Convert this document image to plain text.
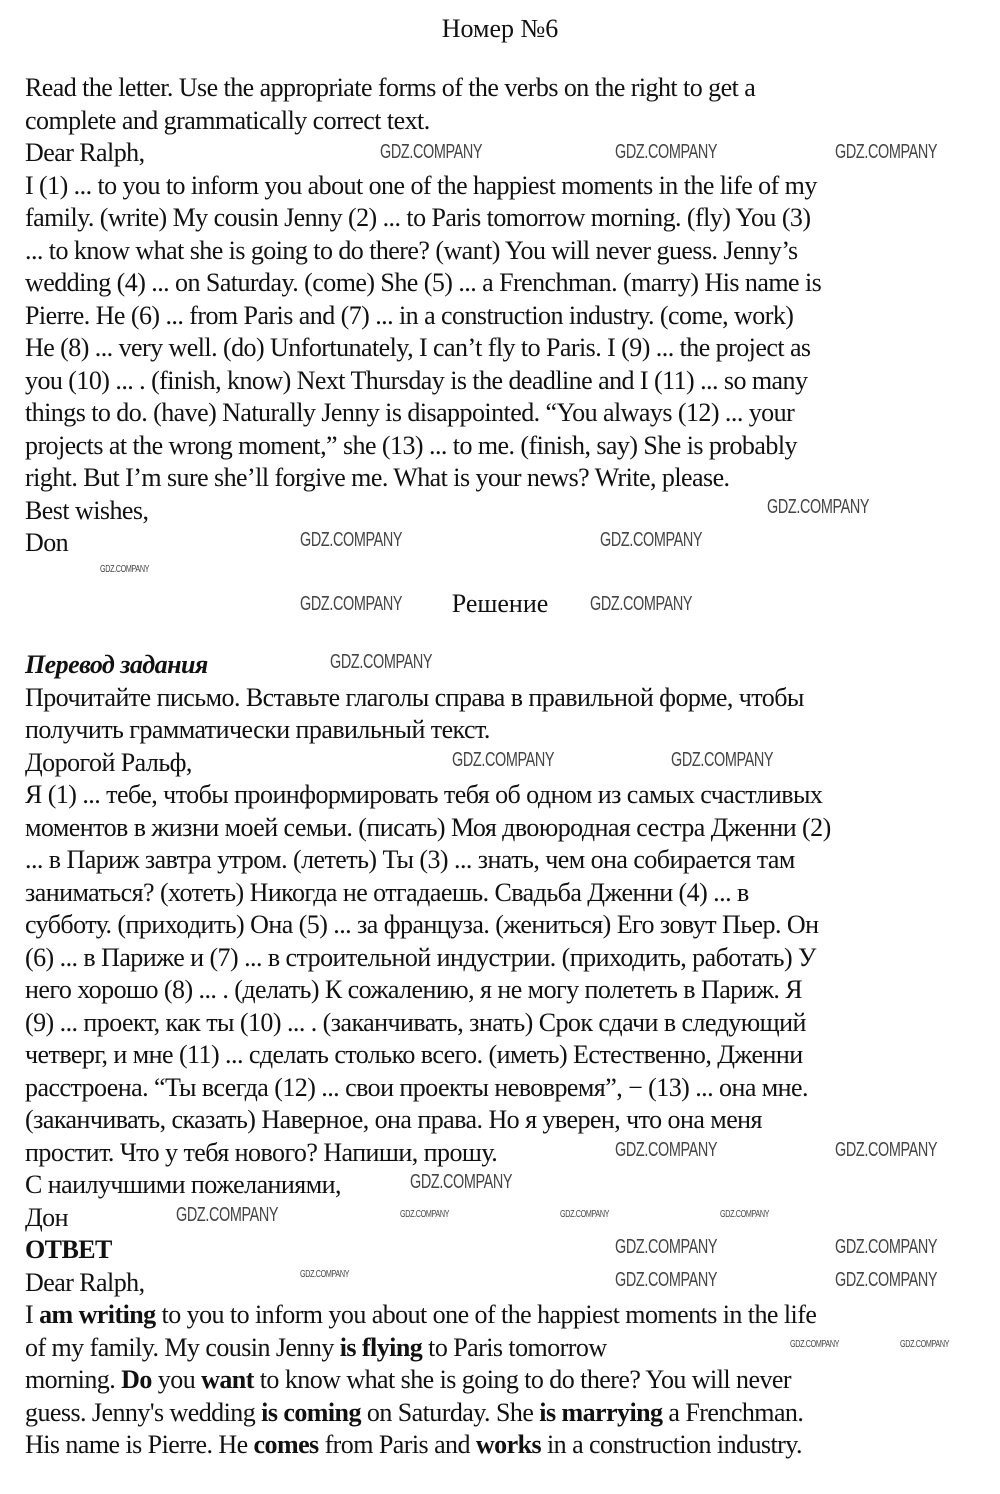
Номер №6
Read the letter. Use the appropriate forms of the verbs on the right to get a
complete and grammatically correct text.
Dear Ralph,
I (1) ... to you to inform you about one of the happiest moments in the life of my
family. (write) My cousin Jenny (2) ... to Paris tomorrow morning. (fly) You (3)
... to know what she is going to do there? (want) You will never guess. Jenny’s
wedding (4) ... on Saturday. (come) She (5) ... a Frenchman. (marry) His name is
Pierre. He (6) ... from Paris and (7) ... in a construction industry. (come, work)
He (8) ... very well. (do) Unfortunately, I can’t fly to Paris. I (9) ... the project as
you (10) ... . (finish, know) Next Thursday is the deadline and I (11) ... so many
things to do. (have) Naturally Jenny is disappointed. “You always (12) ... your
projects at the wrong moment,” she (13) ... to me. (finish, say) She is probably
right. But I’m sure she’ll forgive me. What is your news? Write, please.
Best wishes,
Don
Решение
Перевод задания
Прочитайте письмо. Вставьте глаголы справа в правильной форме, чтобы
получить грамматически правильный текст.
Дорогой Ральф,
Я (1) ... тебе, чтобы проинформировать тебя об одном из самых счастливых
моментов в жизни моей семьи. (писать) Моя двоюродная сестра Дженни (2)
... в Париж завтра утром. (лететь) Ты (3) ... знать, чем она собирается там
заниматься? (хотеть) Никогда не отгадаешь. Свадьба Дженни (4) ... в
субботу. (приходить) Она (5) ... за француза. (жениться) Его зовут Пьер. Он
(6) ... в Париже и (7) ... в строительной индустрии. (приходить, работать) У
него хорошо (8) ... . (делать) К сожалению, я не могу полететь в Париж. Я
(9) ... проект, как ты (10) ... . (заканчивать, знать) Срок сдачи в следующий
четверг, и мне (11) ... сделать столько всего. (иметь) Естественно, Дженни
расстроена. “Ты всегда (12) ... свои проекты невовремя”, − (13) ... она мне.
(заканчивать, сказать) Наверное, она права. Но я уверен, что она меня
простит. Что у тебя нового? Напиши, прошу.
С наилучшими пожеланиями,
Дон
ОТВЕТ
Dear Ralph,
I am writing to you to inform you about one of the happiest moments in the life
of my family. My cousin Jenny is flying to Paris tomorrow
morning. Do you want to know what she is going to do there? You will never
guess. Jenny's wedding is coming on Saturday. She is marrying a Frenchman.
His name is Pierre. He comes from Paris and works in a construction industry.
GDZ.COMPANY	GDZ.COMPANY	GDZ.COMPANY
GDZ.COMPANY
GDZ.COMPANY	GDZ.COMPANY
GDZ.COMPANY
GDZ.COMPANY	GDZ.COMPANY
GDZ.COMPANY
GDZ.COMPANY	GDZ.COMPANY
GDZ.COMPANY	GDZ.COMPANY
GDZ.COMPANY
GDZ.COMPANY	GDZ.COMPANY	GDZ.COMPANY	GDZ.COMPANY
GDZ.COMPANY	GDZ.COMPANY
GDZ.COMPANY	GDZ.COMPANY
GDZ.COMPANY
GDZ.COMPANY	GDZ.COMPANY
